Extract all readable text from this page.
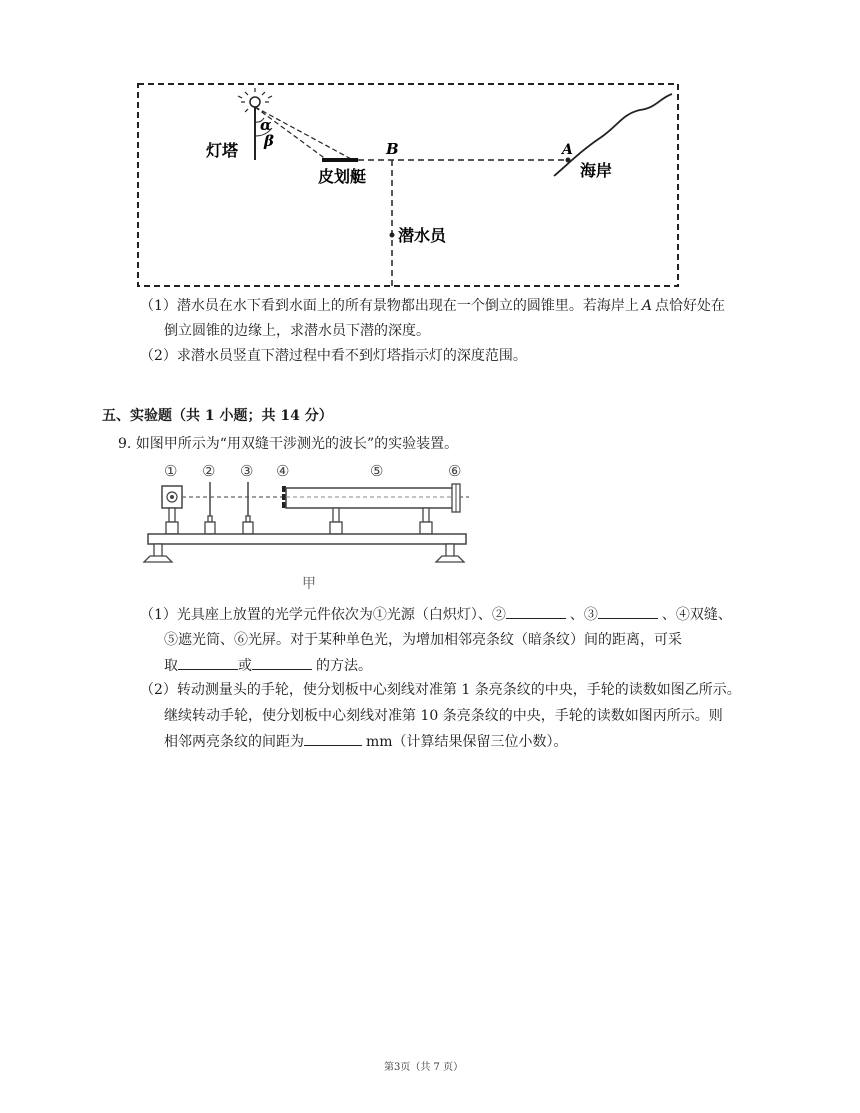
α
β
灯塔
皮划艇
B	A
海岸
潜水员
（1）潜水员在水下看到水面上的所有景物都出现在一个倒立的圆锥里。若海岸上 A 点恰好处在
倒立圆锥的边缘上，求潜水员下潜的深度。
（2）求潜水员竖直下潜过程中看不到灯塔指示灯的深度范围。
五、实验题（共 1 小题；共 14 分）
9. 如图甲所示为“用双缝干涉测光的波长”的实验装置。
① ② ③ ④	⑤	⑥
甲
（1）光具座上放置的光学元件依次为①光源（白炽灯）、②	、③	、④双缝、
⑤遮光筒、⑥光屏。对于某种单色光，为增加相邻亮条纹（暗条纹）间的距离，可采
取	或	的方法。
（2）转动测量头的手轮，使分划板中心刻线对准第 1 条亮条纹的中央，手轮的读数如图乙所示。
继续转动手轮，使分划板中心刻线对准第 10 条亮条纹的中央，手轮的读数如图丙所示。则
相邻两亮条纹的间距为	mm（计算结果保留三位小数）。
第3页（共 7 页）
